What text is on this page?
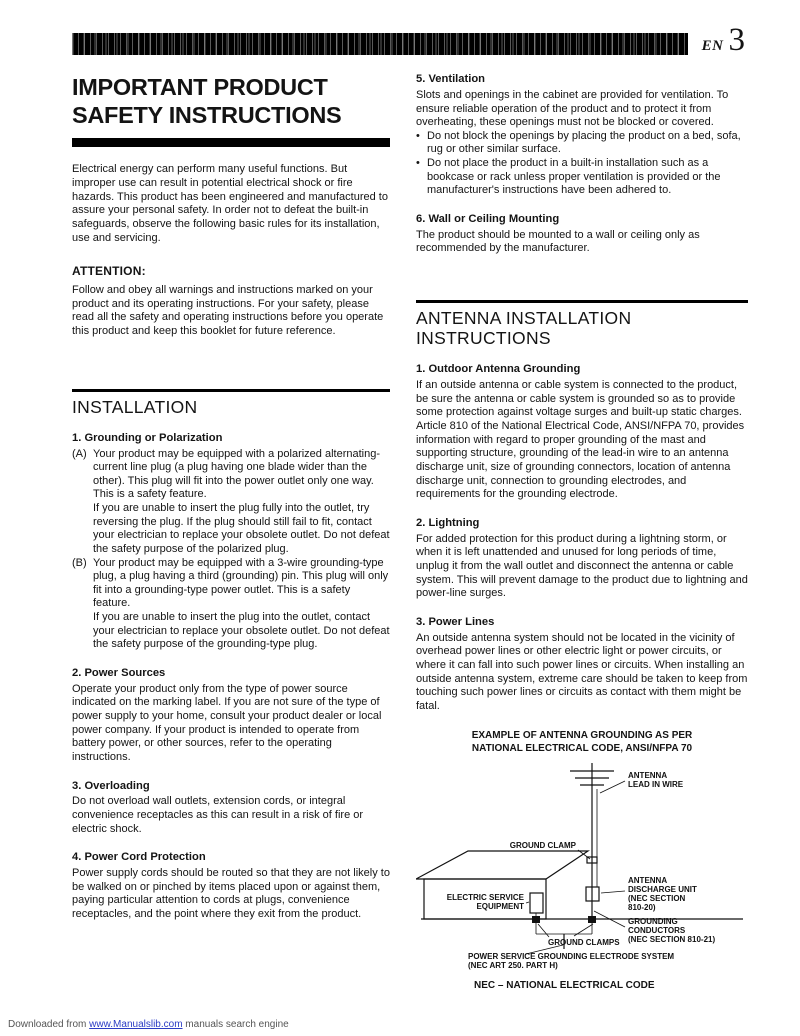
EN 3
IMPORTANT PRODUCT
SAFETY INSTRUCTIONS

Electrical energy can perform many useful functions. But improper use can result in potential electrical shock or fire hazards. This product has been engineered and manufactured to assure your personal safety. In order not to defeat the built-in safeguards, observe the following basic rules for its installation, use and servicing.

ATTENTION:

Follow and obey all warnings and instructions marked on your product and its operating instructions. For your safety, please read all the safety and operating instructions before you operate this product and keep this booklet for future reference.

INSTALLATION
1. Grounding or Polarization
(A) Your product may be equipped with a polarized alternating-current line plug (a plug having one blade wider than the other). This plug will fit into the power outlet only one way. This is a safety feature.

If you are unable to insert the plug fully into the outlet, try reversing the plug. If the plug should still fail to fit, contact your electrician to replace your obsolete outlet. Do not defeat the safety purpose of the polarized plug.

(B) Your product may be equipped with a 3-wire grounding-type plug, a plug having a third (grounding) pin. This plug will only fit into a grounding-type power outlet. This is a safety feature.

If you are unable to insert the plug into the outlet, contact your electrician to replace your obsolete outlet. Do not defeat the safety purpose of the grounding-type plug.

2. Power Sources

Operate your product only from the type of power source indicated on the marking label. If you are not sure of the type of power supply to your home, consult your product dealer or local power company. If your product is intended to operate from battery power, or other sources, refer to the operating instructions.

3. Overloading

Do not overload wall outlets, extension cords, or integral convenience receptacles as this can result in a risk of fire or electric shock.

4. Power Cord Protection

Power supply cords should be routed so that they are not likely to be walked on or pinched by items placed upon or against them, paying particular attention to cords at plugs, convenience receptacles, and the point where they exit from the product.

5. Ventilation

Slots and openings in the cabinet are provided for ventilation. To ensure reliable operation of the product and to protect it from overheating, these openings must not be blocked or covered.

• Do not block the openings by placing the product on a bed, sofa, rug or other similar surface.
• Do not place the product in a built-in installation such as a bookcase or rack unless proper ventilation is provided or the manufacturer's instructions have been adhered to.
6. Wall or Ceiling Mounting

The product should be mounted to a wall or ceiling only as recommended by the manufacturer.

ANTENNA INSTALLATION
INSTRUCTIONS
1. Outdoor Antenna Grounding

If an outside antenna or cable system is connected to the product, be sure the antenna or cable system is grounded so as to provide some protection against voltage surges and built-up static charges. Article 810 of the National Electrical Code, ANSI/NFPA 70, provides information with regard to proper grounding of the mast and supporting structure, grounding of the lead-in wire to an antenna discharge unit, size of grounding connectors, location of antenna discharge unit, connection to grounding electrodes, and requirements for the grounding electrode.

2. Lightning

For added protection for this product during a lightning storm, or when it is left unattended and unused for long periods of time, unplug it from the wall outlet and disconnect the antenna or cable system. This will prevent damage to the product due to lightning and power-line surges.

3. Power Lines

An outside antenna system should not be located in the vicinity of overhead power lines or other electric light or power circuits, or where it can fall into such power lines or circuits. When installing an outside antenna system, extreme care should be taken to keep from touching such power lines or circuits as contact with them might be fatal.

EXAMPLE OF ANTENNA GROUNDING AS PER
NATIONAL ELECTRICAL CODE, ANSI/NFPA 70
ANTENNA
LEAD IN WIRE
GROUND CLAMP
ANTENNA
DISCHARGE UNIT
(NEC SECTION
810-20)
ELECTRIC SERVICE
EQUIPMENT
GROUNDING
CONDUCTORS
(NEC SECTION 810-21)
GROUND CLAMPS
POWER SERVICE GROUNDING ELECTRODE SYSTEM
(NEC ART 250. PART H)
NEC – NATIONAL ELECTRICAL CODE
Downloaded from www.Manualslib.com manuals search engine
